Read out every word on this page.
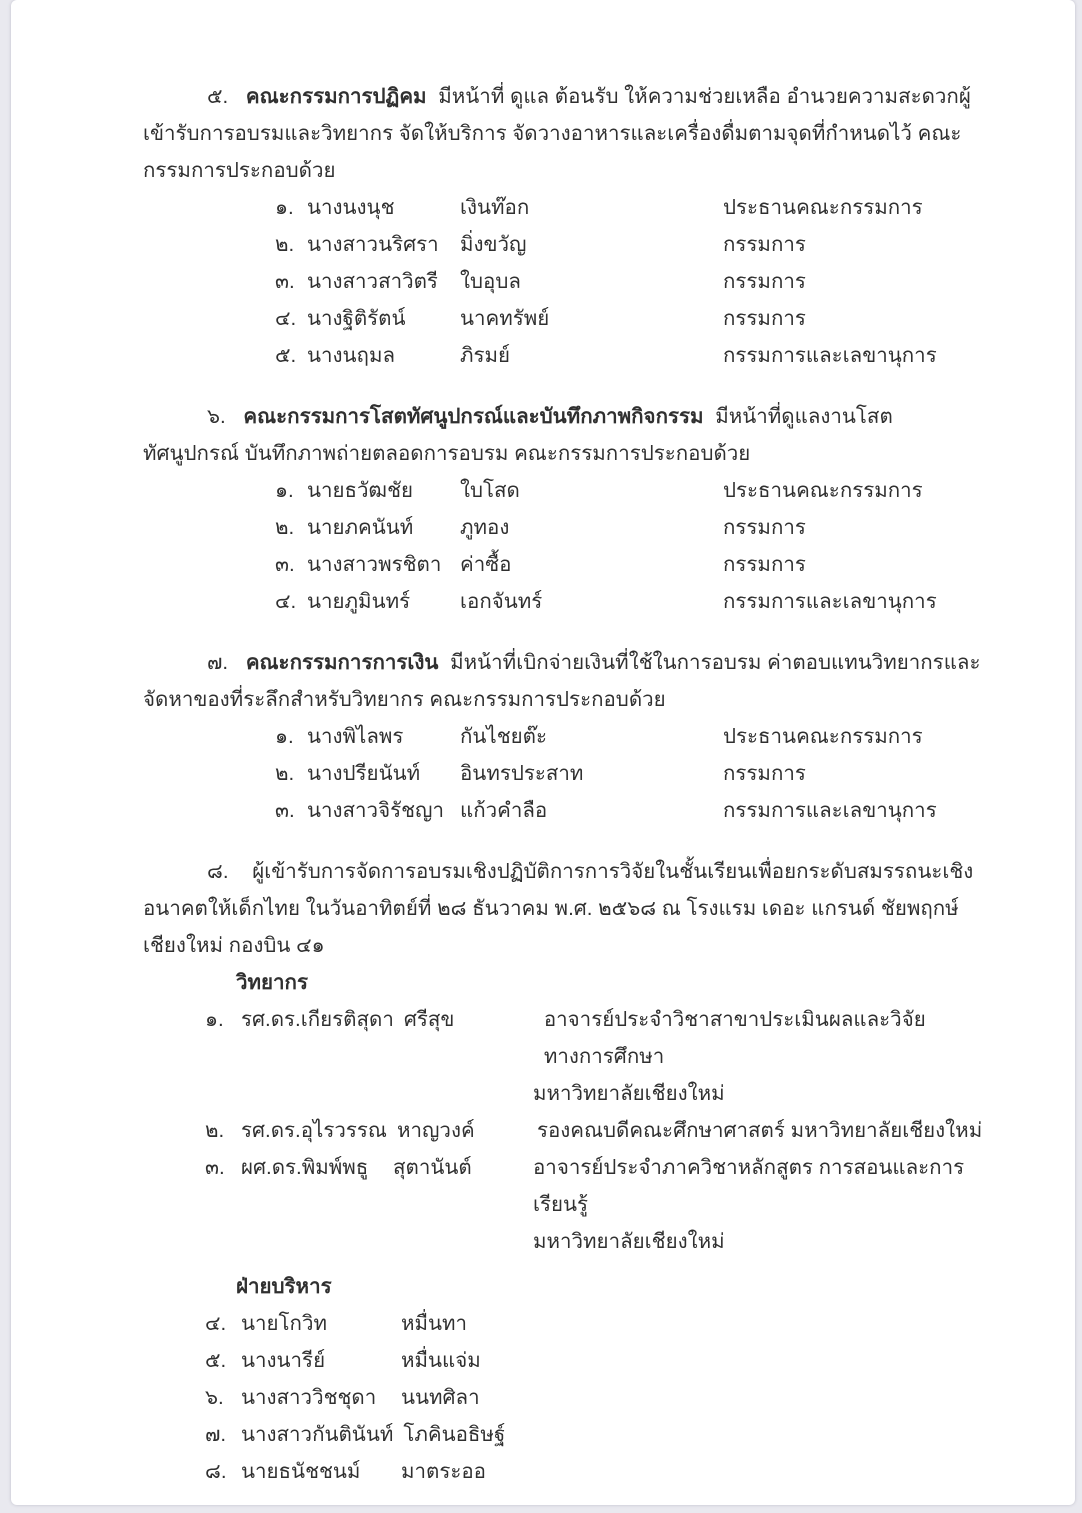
๕. คณะกรรมการปฏิคม มีหน้าที่ ดูแล ต้อนรับ ให้ความช่วยเหลือ อำนวยความสะดวกผู้เข้ารับการอบรมและวิทยากร จัดให้บริการ จัดวางอาหารและเครื่องดื่มตามจุดที่กำหนดไว้ คณะกรรมการประกอบด้วย

๑. นางนงนุช	เงินท๊อก	ประธานคณะกรรมการ
๒. นางสาวนริศรา	มิ่งขวัญ	กรรมการ
๓. นางสาวสาวิตรี	ใบอุบล	กรรมการ
๔. นางฐิติรัตน์	นาคทรัพย์	กรรมการ
๕. นางนฤมล	ภิรมย์	กรรมการและเลขานุการ

๖. คณะกรรมการโสตทัศนูปกรณ์และบันทึกภาพกิจกรรม มีหน้าที่ดูแลงานโสตทัศนูปกรณ์ บันทึกภาพถ่ายตลอดการอบรม คณะกรรมการประกอบด้วย

๑. นายธวัฒชัย	ใบโสด	ประธานคณะกรรมการ
๒. นายภคนันท์	ภูทอง	กรรมการ
๓. นางสาวพรชิตา ค่าซื้อ	กรรมการ
๔. นายภูมินทร์	เอกจันทร์	กรรมการและเลขานุการ

๗. คณะกรรมการการเงิน มีหน้าที่เบิกจ่ายเงินที่ใช้ในการอบรม ค่าตอบแทนวิทยากรและจัดหาของที่ระลึกสำหรับวิทยากร คณะกรรมการประกอบด้วย

๑. นางพิไลพร	กันไชยต๊ะ	ประธานคณะกรรมการ
๒. นางปรียนันท์	อินทรประสาท	กรรมการ
๓. นางสาวจิรัชญา แก้วคำลือ	กรรมการและเลขานุการ

๘. ผู้เข้ารับการจัดการอบรมเชิงปฏิบัติการการวิจัยในชั้นเรียนเพื่อยกระดับสมรรถนะเชิงอนาคตให้เด็กไทย ในวันอาทิตย์ที่ ๒๘ ธันวาคม พ.ศ. ๒๕๖๘ ณ โรงแรม เดอะ แกรนด์ ชัยพฤกษ์ เชียงใหม่ กองบิน ๔๑

วิทยากร
๑. รศ.ดร.เกียรติสุดา ศรีสุข	อาจารย์ประจำวิชาสาขาประเมินผลและวิจัยทางการศึกษา
มหาวิทยาลัยเชียงใหม่
๒. รศ.ดร.อุไรวรรณ หาญวงค์	รองคณบดีคณะศึกษาศาสตร์ มหาวิทยาลัยเชียงใหม่
๓. ผศ.ดร.พิมพ์พธู	สุตานันต์	อาจารย์ประจำภาควิชาหลักสูตร การสอนและการเรียนรู้
มหาวิทยาลัยเชียงใหม่
ฝ่ายบริหาร
๔. นายโกวิท	หมื่นทา
๕. นางนารีย์	หมื่นแจ่ม
๖. นางสาววิชชุดา	นนทศิลา
๗. นางสาวกันตินันท์ โภคินอธิษฐ์
๘. นายธนัชชนม์	มาตระออ
